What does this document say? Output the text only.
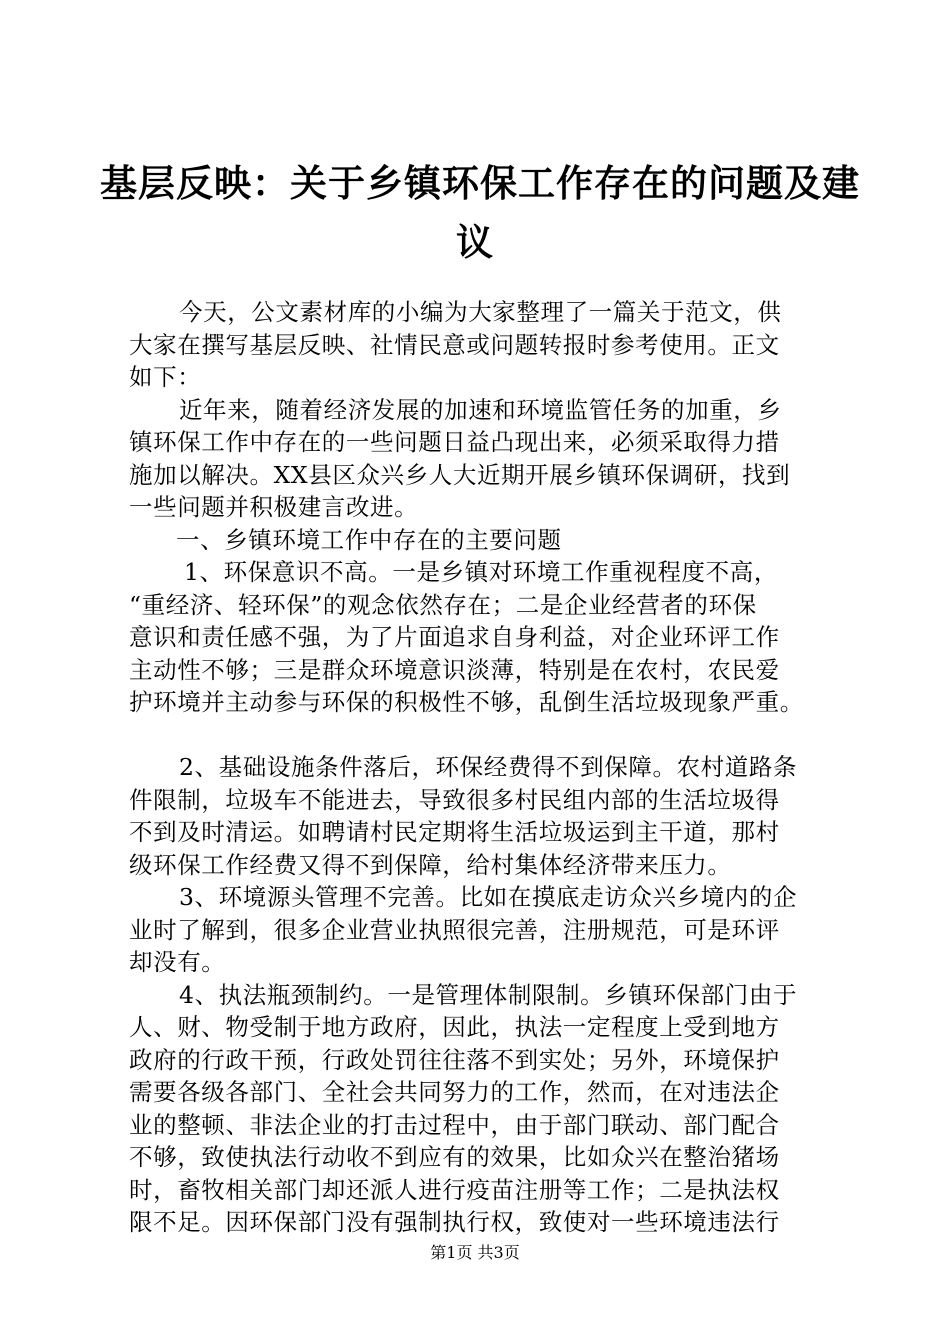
基层反映：关于乡镇环保工作存在的问题及建
议
今天，公文素材库的小编为大家整理了一篇关于范文，供
大家在撰写基层反映、社情民意或问题转报时参考使用。正文
如下：
近年来，随着经济发展的加速和环境监管任务的加重，乡
镇环保工作中存在的一些问题日益凸现出来，必须采取得力措
施加以解决。XX县区众兴乡人大近期开展乡镇环保调研，找到
一些问题并积极建言改进。
一、乡镇环境工作中存在的主要问题
1、环保意识不高。一是乡镇对环境工作重视程度不高，
“重经济、轻环保”的观念依然存在；二是企业经营者的环保
意识和责任感不强，为了片面追求自身利益，对企业环评工作
主动性不够；三是群众环境意识淡薄，特别是在农村，农民爱
护环境并主动参与环保的积极性不够，乱倒生活垃圾现象严重。
2、基础设施条件落后，环保经费得不到保障。农村道路条
件限制，垃圾车不能进去，导致很多村民组内部的生活垃圾得
不到及时清运。如聘请村民定期将生活垃圾运到主干道，那村
级环保工作经费又得不到保障，给村集体经济带来压力。
3、环境源头管理不完善。比如在摸底走访众兴乡境内的企
业时了解到，很多企业营业执照很完善，注册规范，可是环评
却没有。
4、执法瓶颈制约。一是管理体制限制。乡镇环保部门由于
人、财、物受制于地方政府，因此，执法一定程度上受到地方
政府的行政干预，行政处罚往往落不到实处；另外，环境保护
需要各级各部门、全社会共同努力的工作，然而，在对违法企
业的整顿、非法企业的打击过程中，由于部门联动、部门配合
不够，致使执法行动收不到应有的效果，比如众兴在整治猪场
时，畜牧相关部门却还派人进行疫苗注册等工作；二是执法权
限不足。因环保部门没有强制执行权，致使对一些环境违法行
第1页 共3页
